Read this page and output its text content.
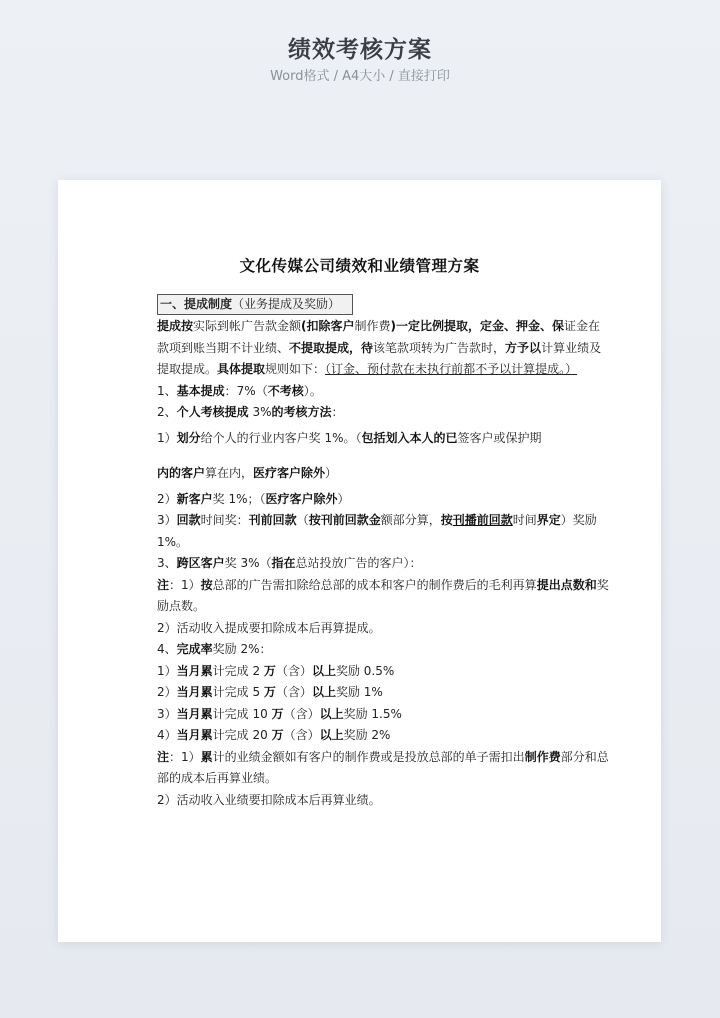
绩效考核方案
Word格式 / A4大小 / 直接打印
文化传媒公司绩效和业绩管理方案

一、提成制度（业务提成及奖励）

提成按实际到帐广告款金额(扣除客户制作费)一定比例提取，定金、押金、保证金在款项到账当期不计业绩、不提取提成，待该笔款项转为广告款时，方予以计算业绩及提取提成。具体提取规则如下：（订金、预付款在未执行前都不予以计算提成。）

1、基本提成：7%（不考核）。

2、个人考核提成 3%的考核方法：

1）划分给个人的行业内客户奖 1%。（包括划入本人的已签客户或保护期

内的客户算在内，医疗客户除外）

2）新客户奖 1%；（医疗客户除外）

3）回款时间奖：刊前回款（按刊前回款金额部分算，按刊播前回款时间界定）奖励 1%。

3、跨区客户奖 3%（指在总站投放广告的客户）：

注：1）按总部的广告需扣除给总部的成本和客户的制作费后的毛利再算提出点数和奖励点数。

2）活动收入提成要扣除成本后再算提成。

4、完成率奖励 2%：

1）当月累计完成 2 万（含）以上奖励 0.5%

2）当月累计完成 5 万（含）以上奖励 1%

3）当月累计完成 10 万（含）以上奖励 1.5%

4）当月累计完成 20 万（含）以上奖励 2%

注：1）累计的业绩金额如有客户的制作费或是投放总部的单子需扣出制作费部分和总部的成本后再算业绩。

2）活动收入业绩要扣除成本后再算业绩。
